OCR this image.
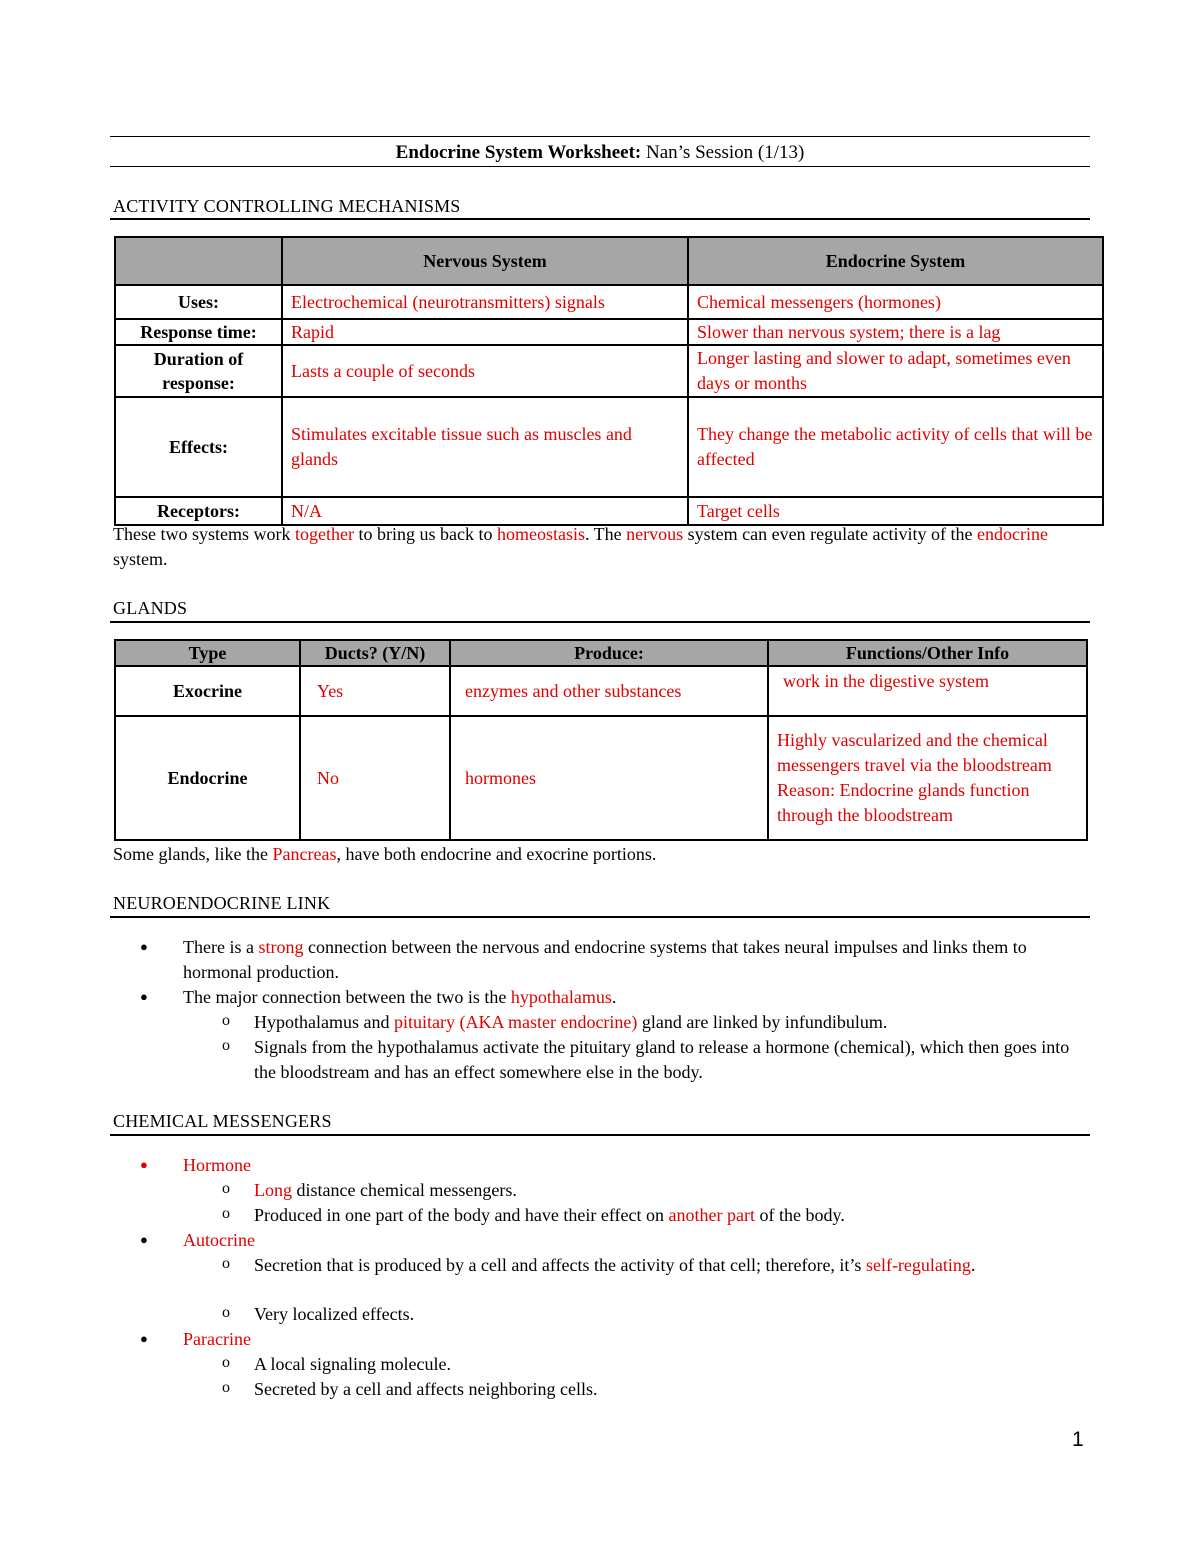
Endocrine System Worksheet: Nan’s Session (1/13)
ACTIVITY CONTROLLING MECHANISMS
	Nervous System	Endocrine System
Uses:	Electrochemical (neurotransmitters) signals	Chemical messengers (hormones)
Response time:	Rapid	Slower than nervous system; there is a lag
Duration of response:	Lasts a couple of seconds	Longer lasting and slower to adapt, sometimes even days or months
Effects:	Stimulates excitable tissue such as muscles and glands	They change the metabolic activity of cells that will be affected
Receptors:	N/A	Target cells
These two systems work together to bring us back to homeostasis. The nervous system can even regulate activity of the endocrine system.
GLANDS
Type	Ducts? (Y/N)	Produce:	Functions/Other Info
Exocrine	Yes	enzymes and other substances	work in the digestive system
Endocrine	No	hormones	Highly vascularized and the chemical messengers travel via the bloodstream
Reason: Endocrine glands function through the bloodstream
Some glands, like the Pancreas, have both endocrine and exocrine portions.
NEUROENDOCRINE LINK
● There is a strong connection between the nervous and endocrine systems that takes neural impulses and links them to hormonal production.
● The major connection between the two is the hypothalamus.
o Hypothalamus and pituitary (AKA master endocrine) gland are linked by infundibulum.
o Signals from the hypothalamus activate the pituitary gland to release a hormone (chemical), which then goes into the bloodstream and has an effect somewhere else in the body.
CHEMICAL MESSENGERS
● Hormone
o Long distance chemical messengers.
o Produced in one part of the body and have their effect on another part of the body.
● Autocrine
o Secretion that is produced by a cell and affects the activity of that cell; therefore, it’s self-regulating.
o Very localized effects.
● Paracrine
o A local signaling molecule.
o Secreted by a cell and affects neighboring cells.
1
